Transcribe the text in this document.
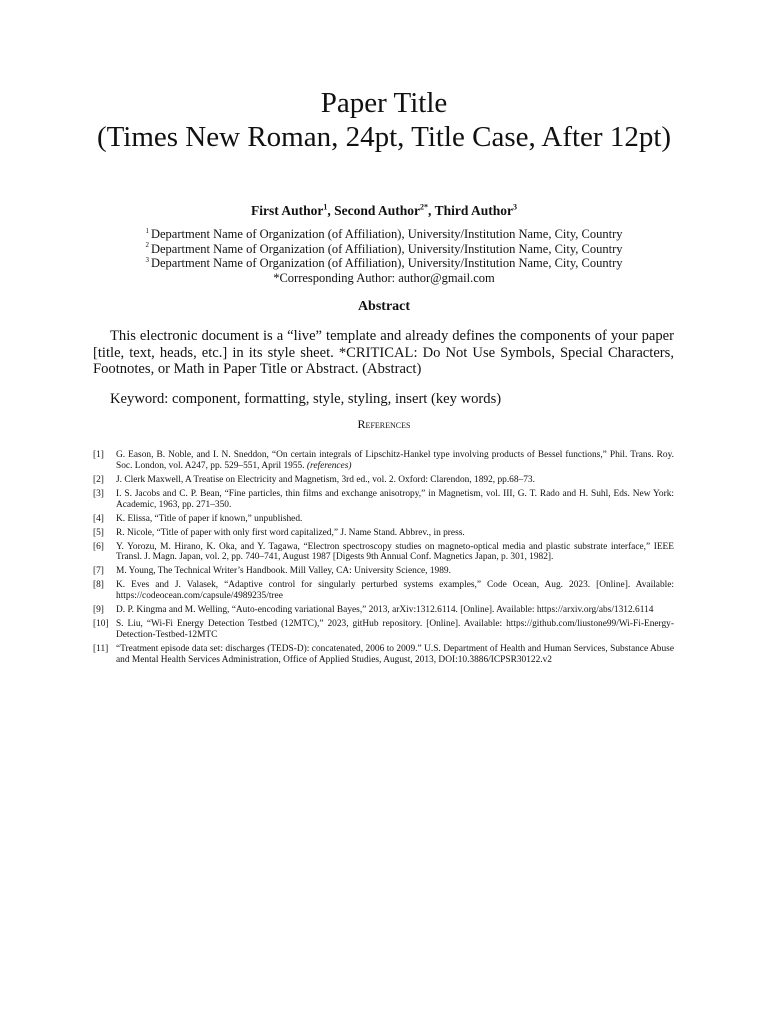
Paper Title
(Times New Roman, 24pt, Title Case, After 12pt)
First Author$^1$, Second Author$^{2*}$, Third Author$^3$
$^1$ Department Name of Organization (of Affiliation), University/Institution Name, City, Country
$^2$ Department Name of Organization (of Affiliation), University/Institution Name, City, Country
$^3$ Department Name of Organization (of Affiliation), University/Institution Name, City, Country
*Corresponding Author: author@gmail.com
Abstract
This electronic document is a “live” template and already defines the components of your paper [title, text, heads, etc.] in its style sheet. *CRITICAL: Do Not Use Symbols, Special Characters, Footnotes, or Math in Paper Title or Abstract. (Abstract)
Keyword: component, formatting, style, styling, insert (key words)
References
[1]	G. Eason, B. Noble, and I. N. Sneddon, “On certain integrals of Lipschitz-Hankel type involving products of Bessel functions,” Phil. Trans. Roy. Soc. London, vol. A247, pp. 529–551, April 1955. (references)
[2]	J. Clerk Maxwell, A Treatise on Electricity and Magnetism, 3rd ed., vol. 2. Oxford: Clarendon, 1892, pp.68–73.
[3]	I. S. Jacobs and C. P. Bean, “Fine particles, thin films and exchange anisotropy,” in Magnetism, vol. III, G. T. Rado and H. Suhl, Eds. New York: Academic, 1963, pp. 271–350.
[4]	K. Elissa, “Title of paper if known,” unpublished.
[5]	R. Nicole, “Title of paper with only first word capitalized,” J. Name Stand. Abbrev., in press.
[6]	Y. Yorozu, M. Hirano, K. Oka, and Y. Tagawa, “Electron spectroscopy studies on magneto-optical media and plastic substrate interface,” IEEE Transl. J. Magn. Japan, vol. 2, pp. 740–741, August 1987 [Digests 9th Annual Conf. Magnetics Japan, p. 301, 1982].
[7]	M. Young, The Technical Writer’s Handbook. Mill Valley, CA: University Science, 1989.
[8]	K. Eves and J. Valasek, “Adaptive control for singularly perturbed systems examples,” Code Ocean, Aug. 2023. [Online]. Available: https://codeocean.com/capsule/4989235/tree
[9]	D. P. Kingma and M. Welling, “Auto-encoding variational Bayes,” 2013, arXiv:1312.6114. [Online]. Available: https://arxiv.org/abs/1312.6114
[10] S. Liu, “Wi-Fi Energy Detection Testbed (12MTC),” 2023, gitHub repository. [Online]. Available: https://github.com/liustone99/Wi-Fi-Energy-Detection-Testbed-12MTC
[11] “Treatment episode data set: discharges (TEDS-D): concatenated, 2006 to 2009.” U.S. Department of Health and Human Services, Substance Abuse and Mental Health Services Administration, Office of Applied Studies, August, 2013, DOI:10.3886/ICPSR30122.v2
